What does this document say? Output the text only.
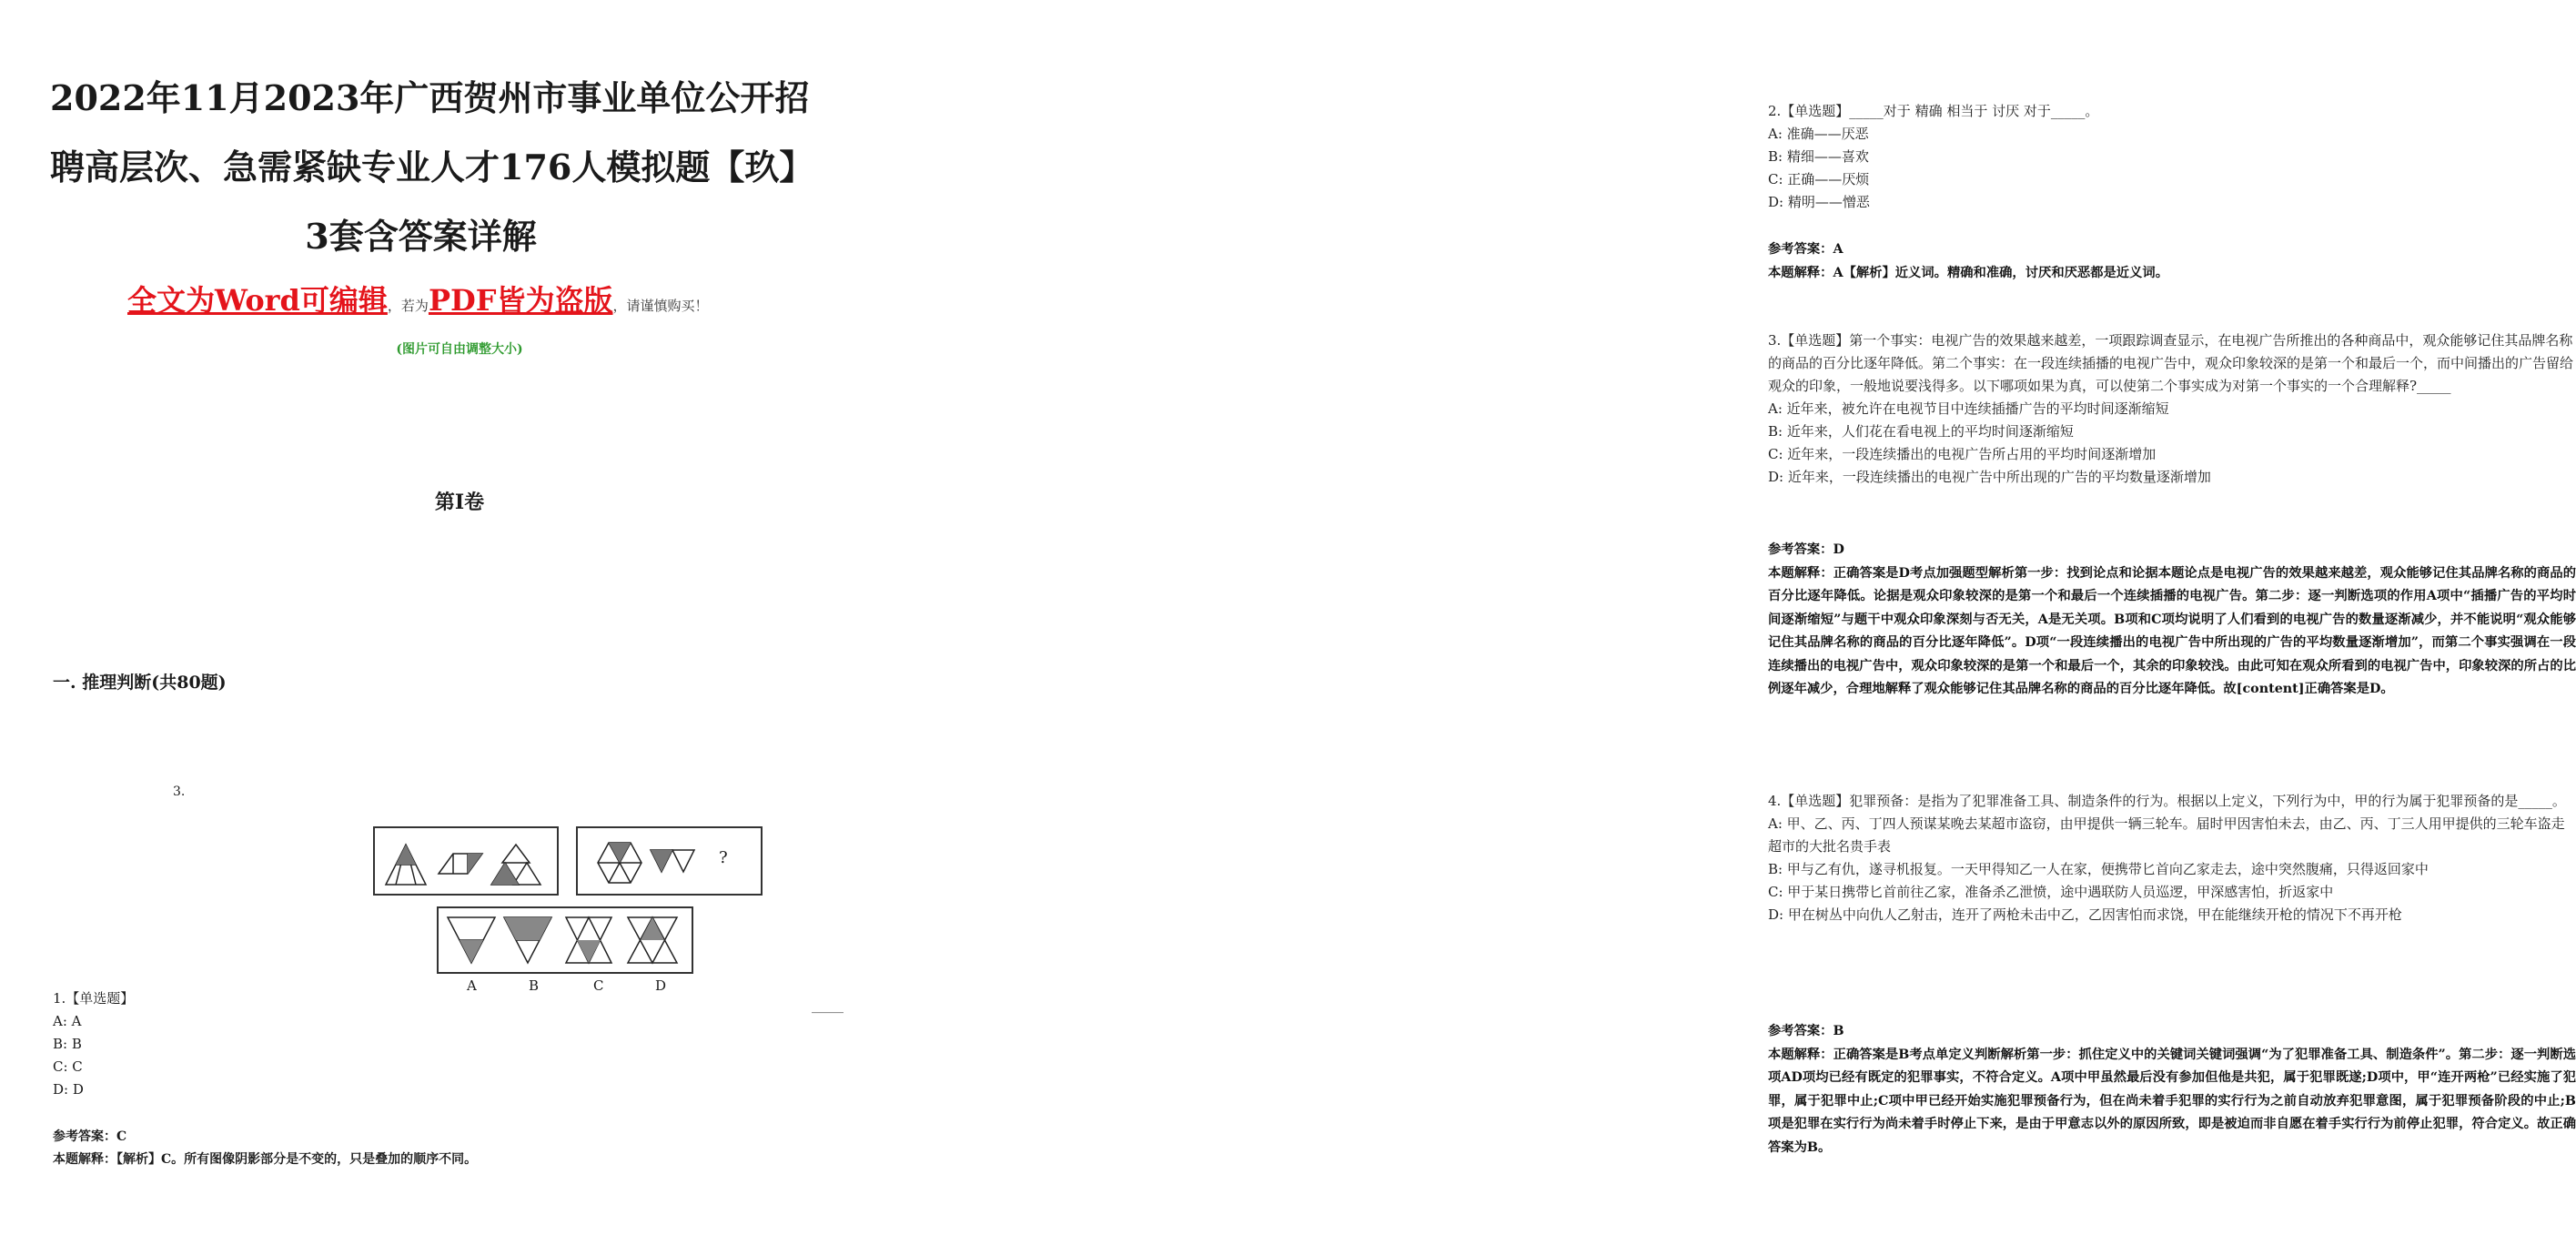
2022年11月2023年广西贺州市事业单位公开招
聘高层次、急需紧缺专业人才176人模拟题【玖】
3套含答案详解
全文为Word可编辑，若为PDF皆为盗版，请谨慎购买！
(图片可自由调整大小)
第I卷
一. 推理判断(共80题)
3.
?
A	B	C	D
_____
1.【单选题】
A: A
B: B
C: C
D: D
参考答案：C
本题解释：【解析】C。所有图像阴影部分是不变的，只是叠加的顺序不同。
2.【单选题】_____对于 精确 相当于 讨厌 对于_____。
A: 准确——厌恶
B: 精细——喜欢
C: 正确——厌烦
D: 精明——憎恶
参考答案：A
本题解释：A【解析】近义词。精确和准确，讨厌和厌恶都是近义词。
3.【单选题】第一个事实：电视广告的效果越来越差，一项跟踪调查显示，在电视广告所推出的各种商品中，观众能够记住其品牌名称的商品的百分比逐年降低。第二个事实：在一段连续插播的电视广告中，观众印象较深的是第一个和最后一个，而中间播出的广告留给观众的印象，一般地说要浅得多。以下哪项如果为真，可以使第二个事实成为对第一个事实的一个合理解释?_____
A: 近年来，被允许在电视节目中连续插播广告的平均时间逐渐缩短
B: 近年来，人们花在看电视上的平均时间逐渐缩短
C: 近年来，一段连续播出的电视广告所占用的平均时间逐渐增加
D: 近年来，一段连续播出的电视广告中所出现的广告的平均数量逐渐增加
参考答案：D
本题解释：正确答案是D考点加强题型解析第一步：找到论点和论据本题论点是电视广告的效果越来越差，观众能够记住其品牌名称的商品的百分比逐年降低。论据是观众印象较深的是第一个和最后一个连续插播的电视广告。第二步：逐一判断选项的作用A项中“插播广告的平均时间逐渐缩短”与题干中观众印象深刻与否无关，A是无关项。B项和C项均说明了人们看到的电视广告的数量逐渐减少，并不能说明“观众能够记住其品牌名称的商品的百分比逐年降低”。D项“一段连续播出的电视广告中所出现的广告的平均数量逐渐增加”，而第二个事实强调在一段连续播出的电视广告中，观众印象较深的是第一个和最后一个，其余的印象较浅。由此可知在观众所看到的电视广告中，印象较深的所占的比例逐年减少，合理地解释了观众能够记住其品牌名称的商品的百分比逐年降低。故[content]正确答案是D。
4.【单选题】犯罪预备：是指为了犯罪准备工具、制造条件的行为。根据以上定义，下列行为中，甲的行为属于犯罪预备的是_____。
A: 甲、乙、丙、丁四人预谋某晚去某超市盗窃，由甲提供一辆三轮车。届时甲因害怕未去，由乙、丙、丁三人用甲提供的三轮车盗走超市的大批名贵手表
B: 甲与乙有仇，遂寻机报复。一天甲得知乙一人在家，便携带匕首向乙家走去，途中突然腹痛，只得返回家中
C: 甲于某日携带匕首前往乙家，准备杀乙泄愤，途中遇联防人员巡逻，甲深感害怕，折返家中
D: 甲在树丛中向仇人乙射击，连开了两枪未击中乙，乙因害怕而求饶，甲在能继续开枪的情况下不再开枪
参考答案：B
本题解释：正确答案是B考点单定义判断解析第一步：抓住定义中的关键词关键词强调“为了犯罪准备工具、制造条件”。第二步：逐一判断选项AD项均已经有既定的犯罪事实，不符合定义。A项中甲虽然最后没有参加但他是共犯，属于犯罪既遂;D项中，甲“连开两枪”已经实施了犯罪，属于犯罪中止;C项中甲已经开始实施犯罪预备行为，但在尚未着手犯罪的实行行为之前自动放弃犯罪意图，属于犯罪预备阶段的中止;B项是犯罪在实行行为尚未着手时停止下来，是由于甲意志以外的原因所致，即是被迫而非自愿在着手实行行为前停止犯罪，符合定义。故正确答案为B。
